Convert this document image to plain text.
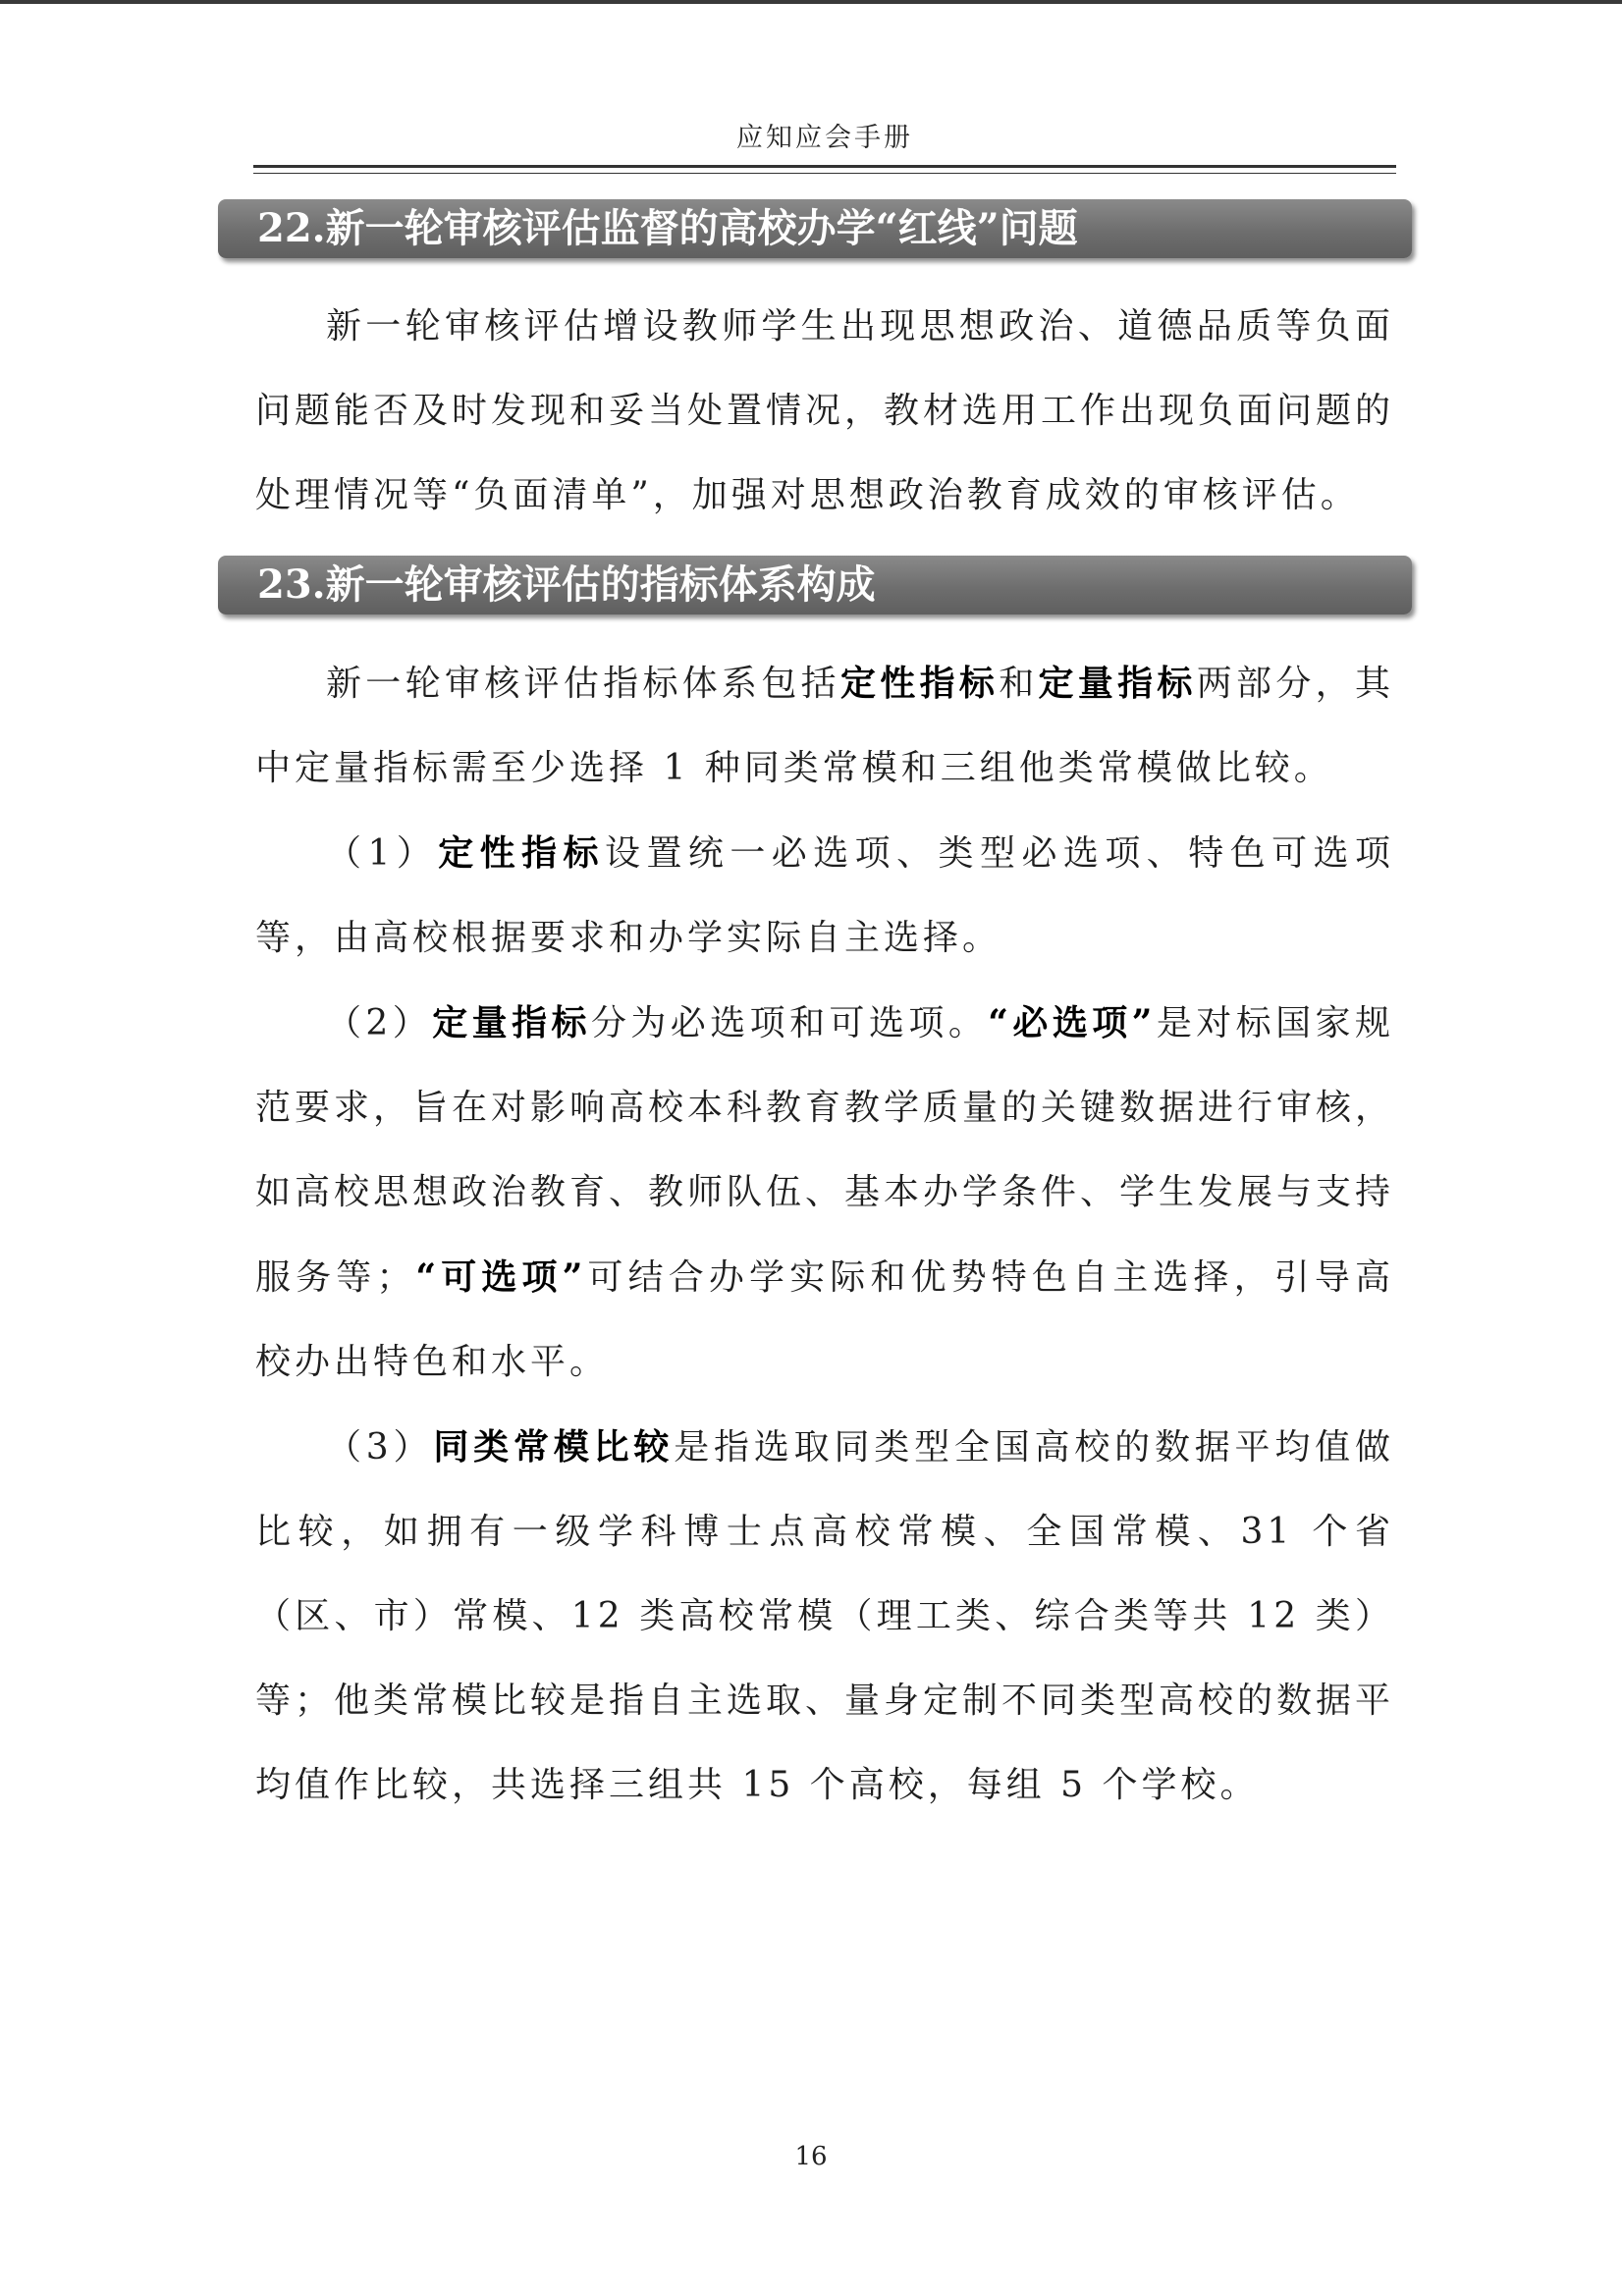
应知应会手册
22.新一轮审核评估监督的高校办学“红线”问题

新一轮审核评估增设教师学生出现思想政治、道德品质等负面问题能否及时发现和妥当处置情况，教材选用工作出现负面问题的处理情况等“负面清单”，加强对思想政治教育成效的审核评估。

23.新一轮审核评估的指标体系构成

新一轮审核评估指标体系包括定性指标和定量指标两部分，其中定量指标需至少选择 1 种同类常模和三组他类常模做比较。

（1）定性指标设置统一必选项、类型必选项、特色可选项等，由高校根据要求和办学实际自主选择。

（2）定量指标分为必选项和可选项。“必选项”是对标国家规范要求，旨在对影响高校本科教育教学质量的关键数据进行审核，如高校思想政治教育、教师队伍、基本办学条件、学生发展与支持服务等；“可选项”可结合办学实际和优势特色自主选择，引导高校办出特色和水平。

（3）同类常模比较是指选取同类型全国高校的数据平均值做比较，如拥有一级学科博士点高校常模、全国常模、31 个省（区、市）常模、12 类高校常模（理工类、综合类等共 12 类）等；他类常模比较是指自主选取、量身定制不同类型高校的数据平均值作比较，共选择三组共 15 个高校，每组 5 个学校。

16
